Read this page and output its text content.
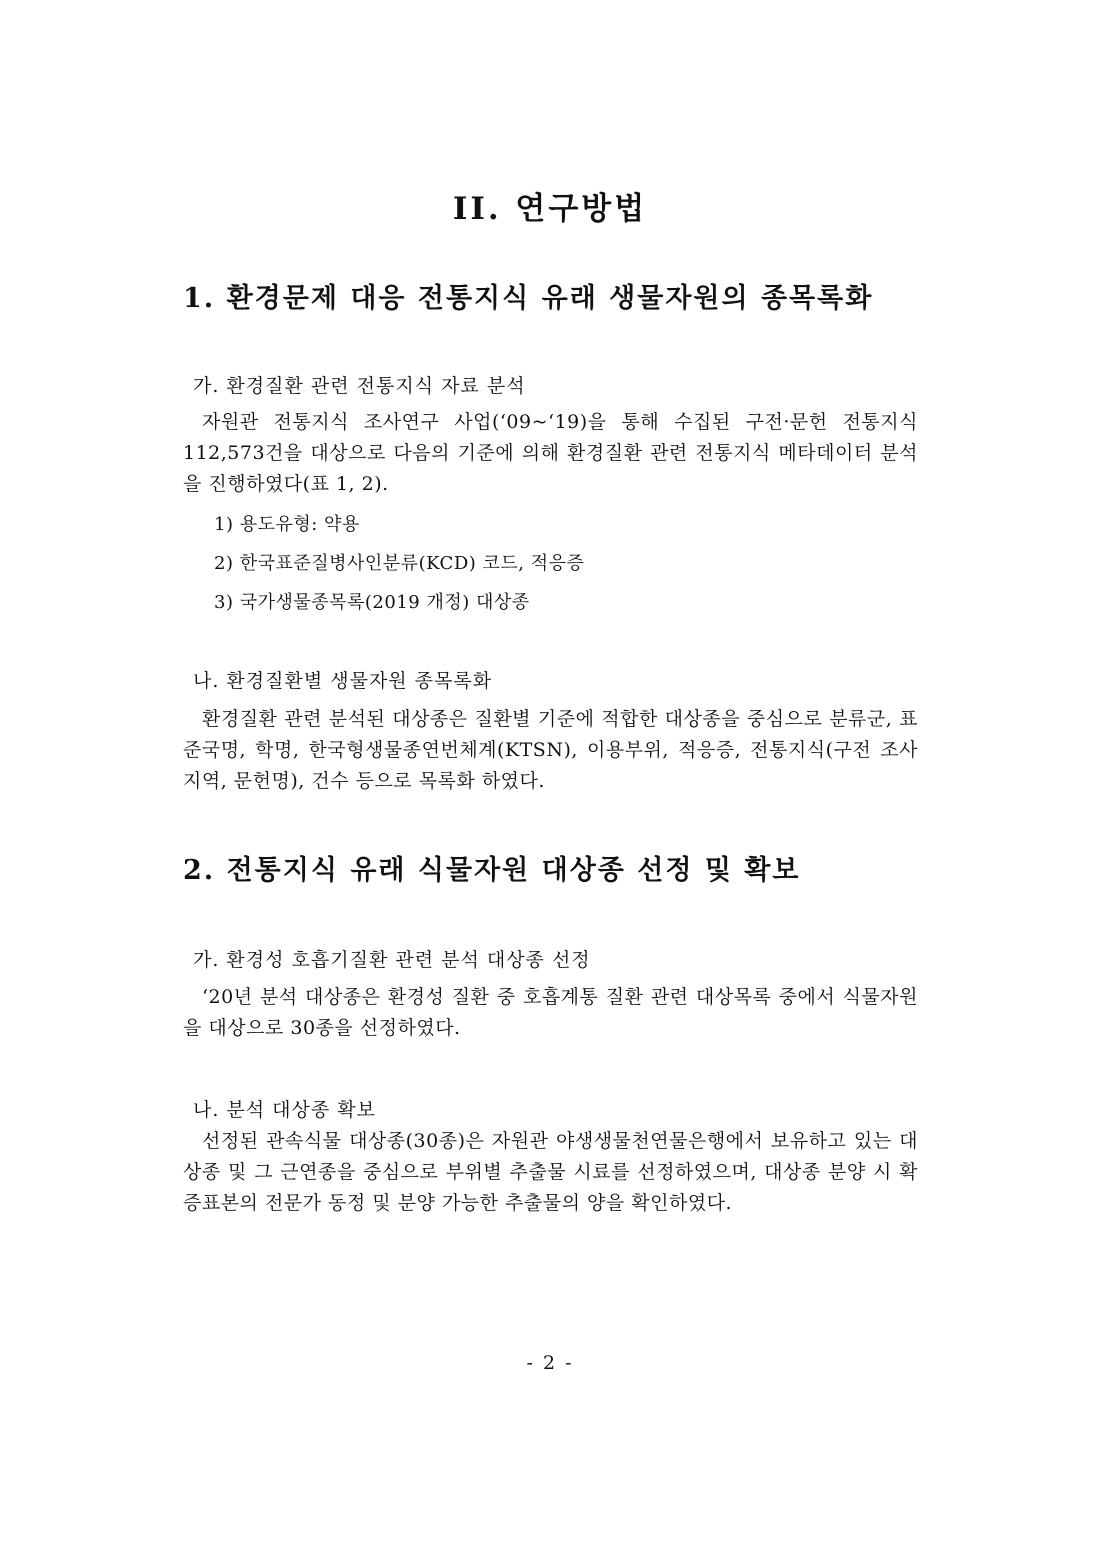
II. 연구방법
1. 환경문제 대응 전통지식 유래 생물자원의 종목록화
가. 환경질환 관련 전통지식 자료 분석

자원관 전통지식 조사연구 사업(‘09~‘19)을 통해 수집된 구전·문헌 전통지식 112,573건을 대상으로 다음의 기준에 의해 환경질환 관련 전통지식 메타데이터 분석을 진행하였다(표 1, 2).

1) 용도유형: 약용
2) 한국표준질병사인분류(KCD) 코드, 적응증
3) 국가생물종목록(2019 개정) 대상종
나. 환경질환별 생물자원 종목록화

환경질환 관련 분석된 대상종은 질환별 기준에 적합한 대상종을 중심으로 분류군, 표준국명, 학명, 한국형생물종연번체계(KTSN), 이용부위, 적응증, 전통지식(구전 조사지역, 문헌명), 건수 등으로 목록화 하였다.

2. 전통지식 유래 식물자원 대상종 선정 및 확보
가. 환경성 호흡기질환 관련 분석 대상종 선정

‘20년 분석 대상종은 환경성 질환 중 호흡계통 질환 관련 대상목록 중에서 식물자원을 대상으로 30종을 선정하였다.

나. 분석 대상종 확보

선정된 관속식물 대상종(30종)은 자원관 야생생물천연물은행에서 보유하고 있는 대상종 및 그 근연종을 중심으로 부위별 추출물 시료를 선정하였으며, 대상종 분양 시 확증표본의 전문가 동정 및 분양 가능한 추출물의 양을 확인하였다.

- 2 -
